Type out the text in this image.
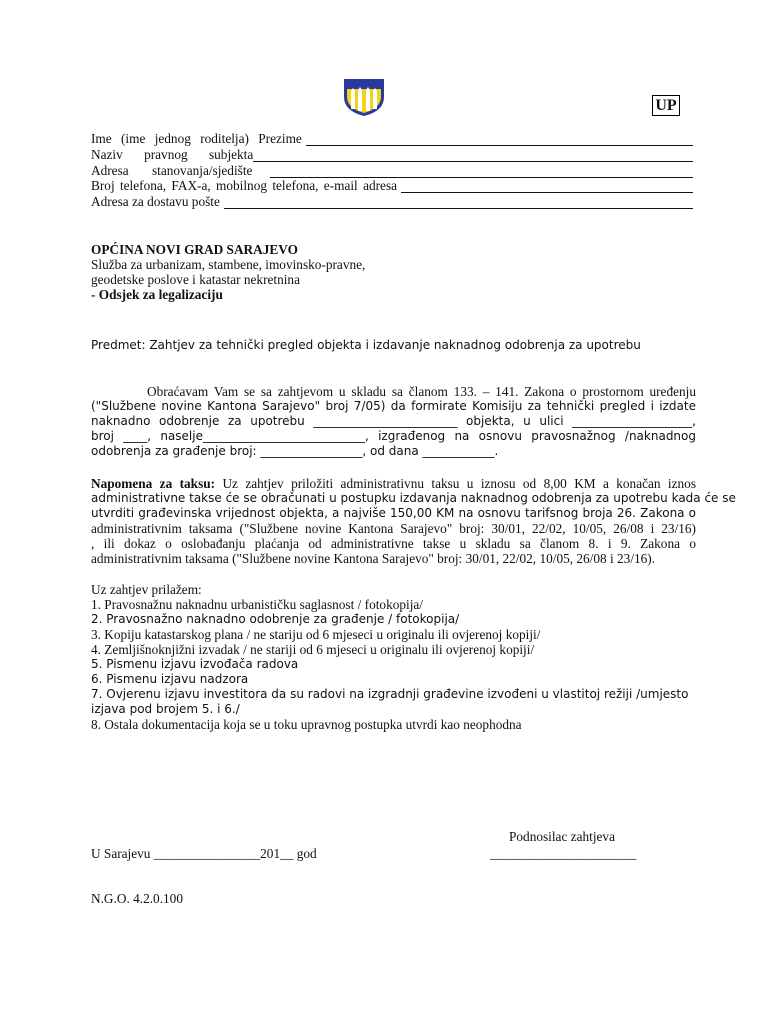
UP
Ime (ime jednog roditelja) Prezime
Naziv pravnog subjekta
Adresa stanovanja/sjedište
Broj telefona, FAX-a, mobilnog telefona, e-mail adresa
Adresa za dostavu pošte
OPĆINA NOVI GRAD SARAJEVO
Služba za urbanizam, stambene, imovinsko-pravne,
geodetske poslove i katastar nekretnina
- Odsjek za legalizaciju
Predmet: Zahtjev za tehnički pregled objekta i izdavanje naknadnog odobrenja za upotrebu
Obraćavam Vam se sa zahtjevom u skladu sa članom 133. – 141. Zakona o prostornom uređenju
("Službene novine Kantona Sarajevo" broj 7/05) da formirate Komisiju za tehnički pregled i izdate
naknadno odobrenje za upotrebu ________________________ objekta, u ulici ____________________,
broj ____, naselje___________________________, izgrađenog na osnovu pravosnažnog /naknadnog
odobrenja za građenje broj: _________________, od dana ____________.
Napomena za taksu: Uz zahtjev priložiti administrativnu taksu u iznosu od 8,00 KM a konačan iznos
administrativne takse će se obračunati u postupku izdavanja naknadnog odobrenja za upotrebu kada će se
utvrditi građevinska vrijednost objekta, a najviše 150,00 KM na osnovu tarifsnog broja 26. Zakona o
administrativnim taksama ("Službene novine Kantona Sarajevo" broj: 30/01, 22/02, 10/05, 26/08 i 23/16)
, ili dokaz o oslobađanju plaćanja od administrativne takse u skladu sa članom 8. i 9. Zakona o
administrativnim taksama ("Službene novine Kantona Sarajevo" broj: 30/01, 22/02, 10/05, 26/08 i 23/16).
Uz zahtjev prilažem:
1. Pravosnažnu naknadnu urbanističku saglasnost / fotokopija/
2. Pravosnažno naknadno odobrenje za građenje / fotokopija/
3. Kopiju katastarskog plana / ne stariju od 6 mjeseci u originalu ili ovjerenoj kopiji/
4. Zemljišnoknjižni izvadak / ne stariji od 6 mjeseci u originalu ili ovjerenoj kopiji/
5. Pismenu izjavu izvođača radova
6. Pismenu izjavu nadzora
7. Ovjerenu izjavu investitora da su radovi na izgradnji građevine izvođeni u vlastitoj režiji /umjesto
izjava pod brojem 5. i 6./
8. Ostala dokumentacija koja se u toku upravnog postupka utvrdi kao neophodna
Podnosilac zahtjeva
U Sarajevu ________________201__ god	______________________
N.G.O. 4.2.0.100
